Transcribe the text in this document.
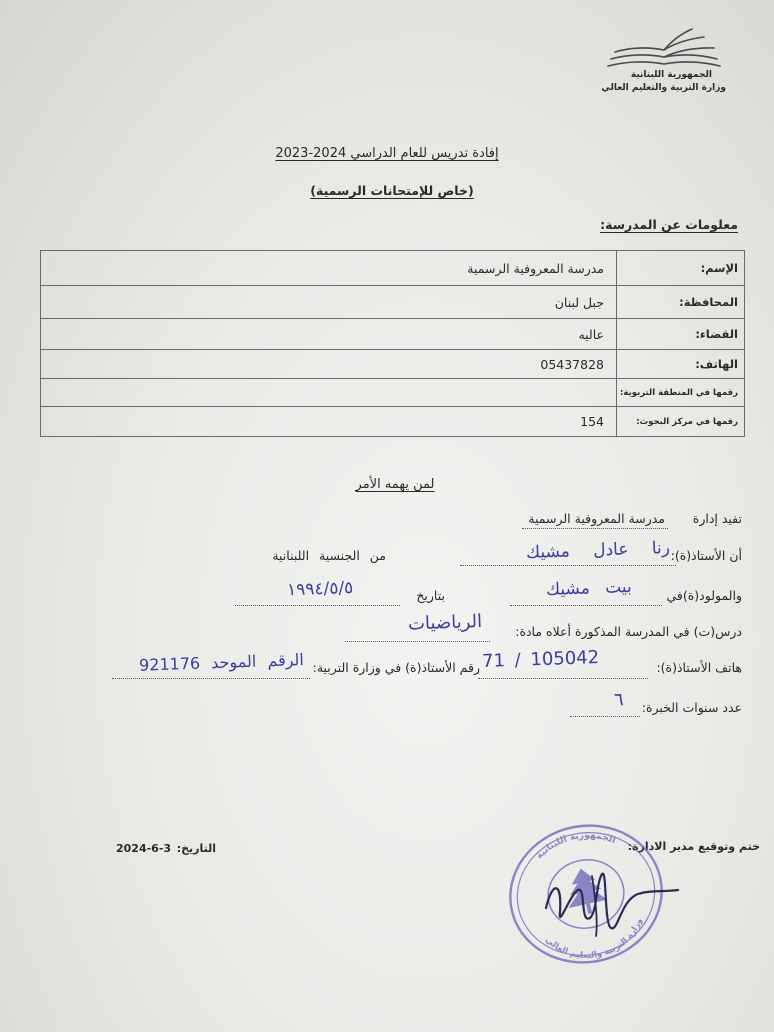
الجمهورية اللبنانية
وزارة التربية والتعليم العالي
إفادة تدريس للعام الدراسي 2024-2023
(خاص للإمتحانات الرسمية)
معلومات عن المدرسة:
الإسم:	مدرسة المعروفية الرسمية
المحافظة:	جبل لبنان
القضاء:	عاليه
الهاتف:	05437828
رقمها في المنطقة التربوية:	
رقمها في مركز البحوث:	154
لمن يهمه الأمر
تفيد إدارة
مدرسة المعروفية الرسمية
أن الأستاذ(ة):
رنا عادل مشيك
من الجنسية اللبنانية
والمولود(ة)في
بيت مشيك
بتاريخ
١٩٩٤/٥/٥
درس(ت) في المدرسة المذكورة أعلاه مادة:
الرياضيات
هاتف الأستاذ(ة):
71 / 105042
رقم الأستاذ(ة) في وزارة التربية:
الرقم الموحد 921176
عدد سنوات الخبرة:
٦
ختم وتوقيع مدير الادارة:
التاريخ:
2024-6-3
الجمهورية اللبنانية
وزارة التربية والتعليم العالي
